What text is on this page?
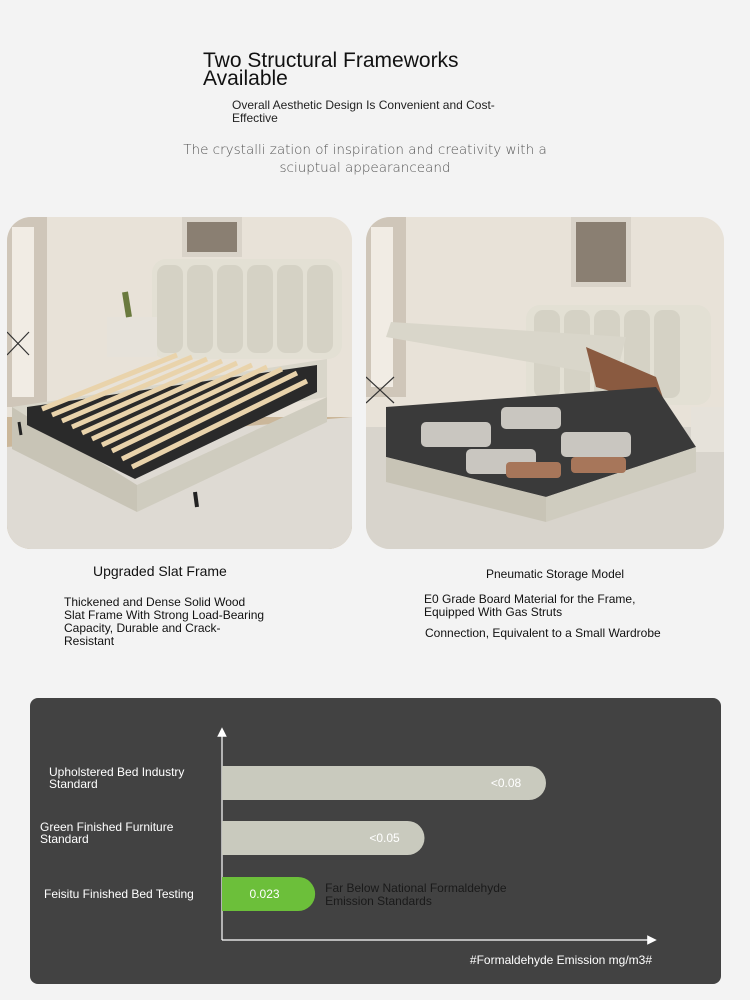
Two Structural Frameworks Available
Overall Aesthetic Design Is Convenient and Cost-Effective
The crystalli zation of inspiration and creativity with a sciuptual appearanceand
Upgraded Slat Frame
Thickened and Dense Solid Wood Slat Frame With Strong Load-Bearing Capacity, Durable and Crack-Resistant
Pneumatic Storage Model
E0 Grade Board Material for the Frame, Equipped With Gas Struts
Connection, Equivalent to a Small Wardrobe
<0.08
Upholstered Bed Industry Standard
<0.05
Green Finished Furniture Standard
0.023
Feisitu Finished Bed Testing	Far Below National Formaldehyde Emission Standards
#Formaldehyde Emission mg/m3#
